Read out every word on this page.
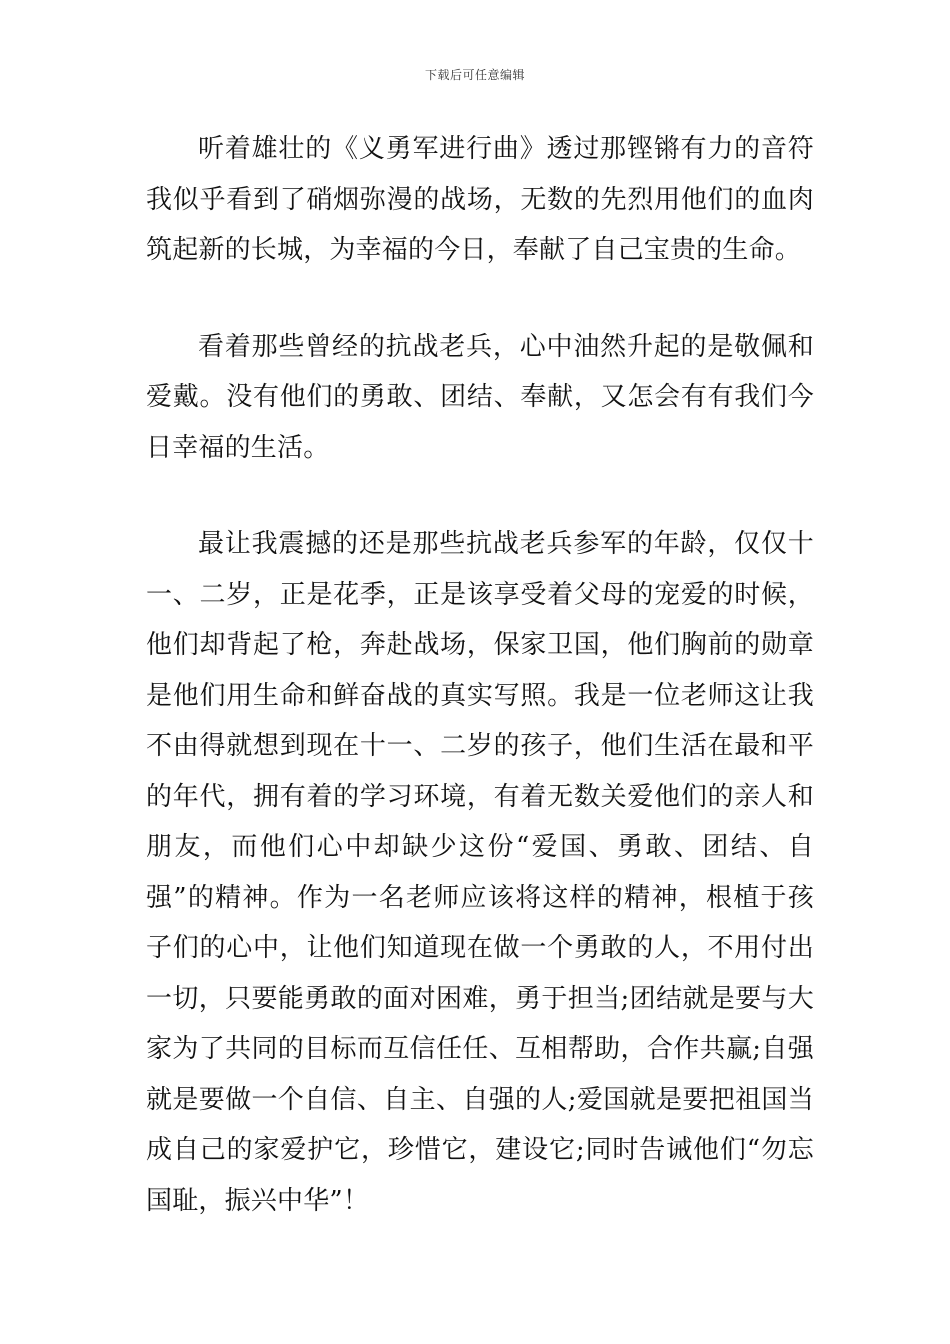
下载后可任意编辑

听着雄壮的《义勇军进行曲》透过那铿锵有力的音符我似乎看到了硝烟弥漫的战场，无数的先烈用他们的血肉筑起新的长城，为幸福的今日，奉献了自己宝贵的生命。

看着那些曾经的抗战老兵，心中油然升起的是敬佩和爱戴。没有他们的勇敢、团结、奉献，又怎会有有我们今日幸福的生活。

最让我震撼的还是那些抗战老兵参军的年龄，仅仅十一、二岁，正是花季，正是该享受着父母的宠爱的时候，他们却背起了枪，奔赴战场，保家卫国，他们胸前的勋章是他们用生命和鲜奋战的真实写照。我是一位老师这让我不由得就想到现在十一、二岁的孩子，他们生活在最和平的年代，拥有着的学习环境，有着无数关爱他们的亲人和朋友，而他们心中却缺少这份“爱国、勇敢、团结、自强”的精神。作为一名老师应该将这样的精神，根植于孩子们的心中，让他们知道现在做一个勇敢的人，不用付出一切，只要能勇敢的面对困难，勇于担当;团结就是要与大家为了共同的目标而互信任任、互相帮助，合作共赢;自强就是要做一个自信、自主、自强的人;爱国就是要把祖国当成自己的家爱护它，珍惜它，建设它;同时告诫他们“勿忘国耻，振兴中华”！
